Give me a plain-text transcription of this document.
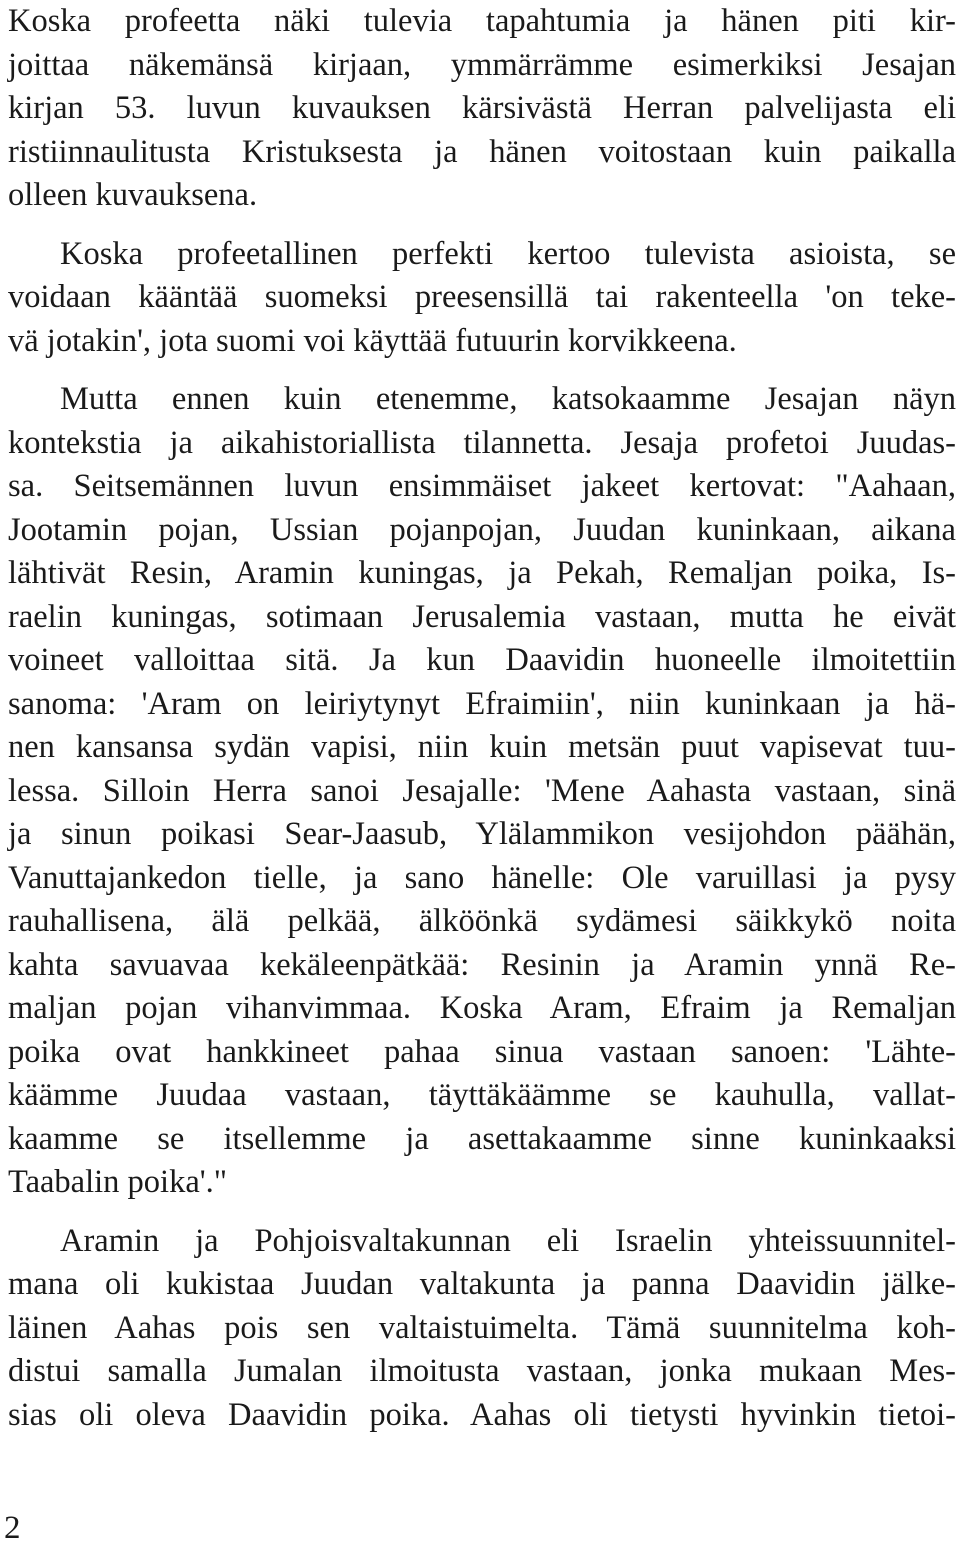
Koska profeetta näki tulevia tapahtumia ja hänen piti kir-
joittaa näkemänsä kirjaan, ymmärrämme esimerkiksi Jesajan
kirjan 53. luvun kuvauksen kärsivästä Herran palvelijasta eli
ristiinnaulitusta Kristuksesta ja hänen voitostaan kuin paikalla
olleen kuvauksena.
Koska profeetallinen perfekti kertoo tulevista asioista, se
voidaan kääntää suomeksi preesensillä tai rakenteella 'on teke-
vä jotakin', jota suomi voi käyttää futuurin korvikkeena.
Mutta ennen kuin etenemme, katsokaamme Jesajan näyn
kontekstia ja aikahistoriallista tilannetta. Jesaja profetoi Juudas-
sa. Seitsemännen luvun ensimmäiset jakeet kertovat: "Aahaan,
Jootamin pojan, Ussian pojanpojan, Juudan kuninkaan, aikana
lähtivät Resin, Aramin kuningas, ja Pekah, Remaljan poika, Is-
raelin kuningas, sotimaan Jerusalemia vastaan, mutta he eivät
voineet valloittaa sitä. Ja kun Daavidin huoneelle ilmoitettiin
sanoma: 'Aram on leiriytynyt Efraimiin', niin kuninkaan ja hä-
nen kansansa sydän vapisi, niin kuin metsän puut vapisevat tuu-
lessa. Silloin Herra sanoi Jesajalle: 'Mene Aahasta vastaan, sinä
ja sinun poikasi Sear-Jaasub, Ylälammikon vesijohdon päähän,
Vanuttajankedon tielle, ja sano hänelle: Ole varuillasi ja pysy
rauhallisena, älä pelkää, älköönkä sydämesi säikkykö noita
kahta savuavaa kekäleenpätkää: Resinin ja Aramin ynnä Re-
maljan pojan vihanvimmaa. Koska Aram, Efraim ja Remaljan
poika ovat hankkineet pahaa sinua vastaan sanoen: 'Lähte-
käämme Juudaa vastaan, täyttäkäämme se kauhulla, vallat-
kaamme se itsellemme ja asettakaamme sinne kuninkaaksi
Taabalin poika'."
Aramin ja Pohjoisvaltakunnan eli Israelin yhteissuunnitel-
mana oli kukistaa Juudan valtakunta ja panna Daavidin jälke-
läinen Aahas pois sen valtaistuimelta. Tämä suunnitelma koh-
distui samalla Jumalan ilmoitusta vastaan, jonka mukaan Mes-
sias oli oleva Daavidin poika. Aahas oli tietysti hyvinkin tietoi-
2
